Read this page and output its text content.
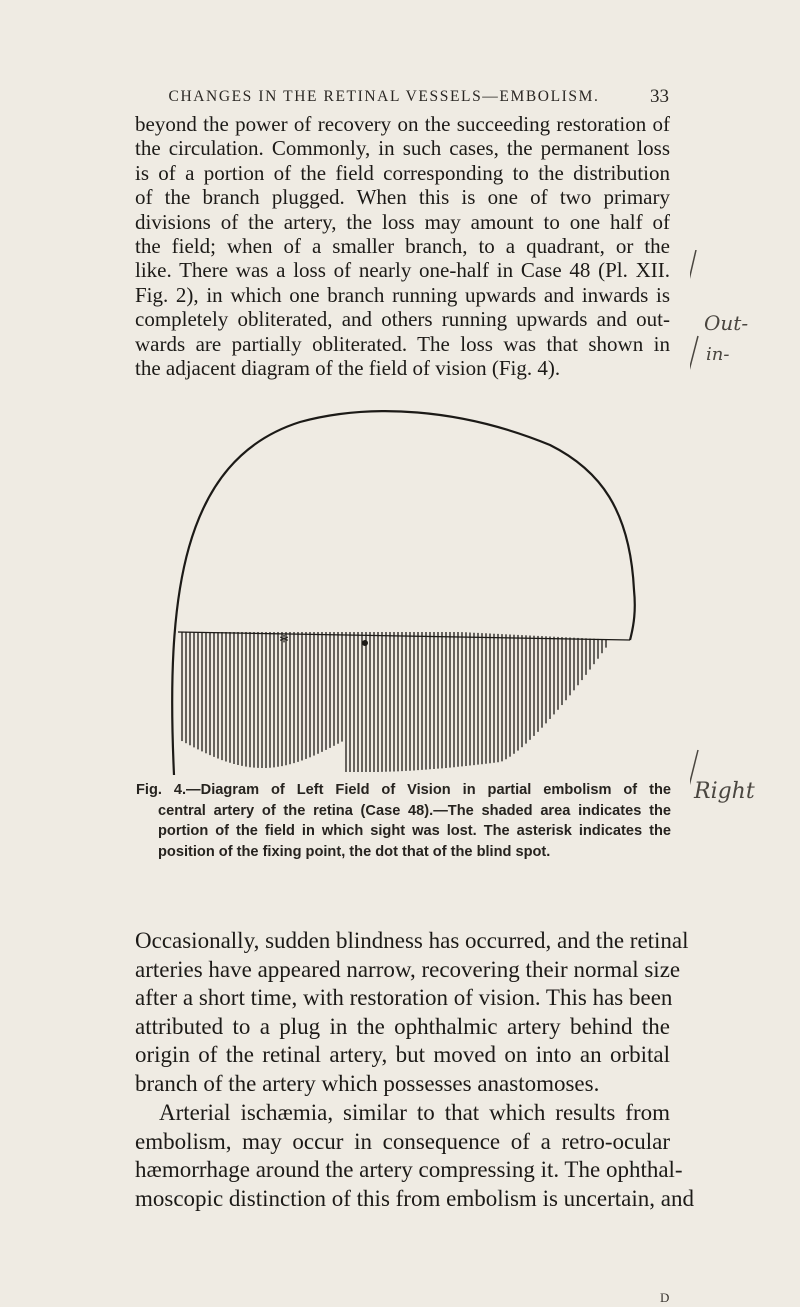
CHANGES IN THE RETINAL VESSELS—EMBOLISM.	33
beyond the power of recovery on the succeeding restoration of
the circulation. Commonly, in such cases, the permanent loss
is of a portion of the field corresponding to the distribution
of the branch plugged. When this is one of two primary
divisions of the artery, the loss may amount to one half of
the field; when of a smaller branch, to a quadrant, or the
like. There was a loss of nearly one-half in Case 48 (Pl. XII.
Fig. 2), in which one branch running upwards and inwards is
completely obliterated, and others running upwards and out-
wards are partially obliterated. The loss was that shown in
the adjacent diagram of the field of vision (Fig. 4).
Out-
in-
Right
*
Fig. 4.—Diagram of Left Field of Vision in partial embolism of the
central artery of the retina (Case 48).—The shaded area indicates the
portion of the field in which sight was lost. The asterisk indicates the
position of the fixing point, the dot that of the blind spot.
Occasionally, sudden blindness has occurred, and the retinal
arteries have appeared narrow, recovering their normal size
after a short time, with restoration of vision. This has been
attributed to a plug in the ophthalmic artery behind the
origin of the retinal artery, but moved on into an orbital
branch of the artery which possesses anastomoses.
Arterial ischæmia, similar to that which results from
embolism, may occur in consequence of a retro-ocular
hæmorrhage around the artery compressing it. The ophthal-
moscopic distinction of this from embolism is uncertain, and
D
